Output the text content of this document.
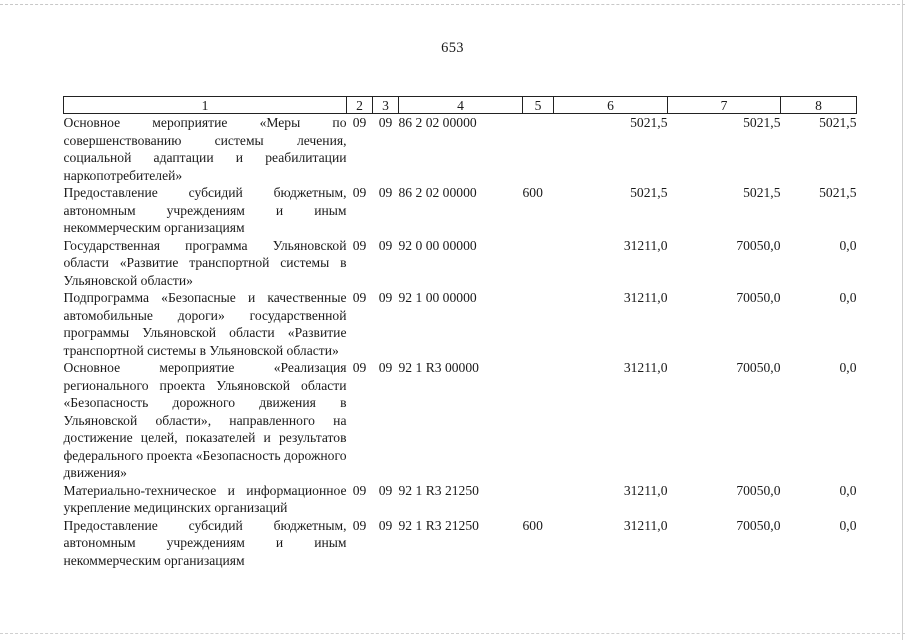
653
1	2	3	4	5	6	7	8
Основное мероприятие «Меры по совершенствованию системы лечения, социальной адаптации и реабилитации наркопотребителей»	09	09	86 2 02 00000		5021,5	5021,5	5021,5
Предоставление субсидий бюджетным, автономным учреждениям и иным некоммерческим организациям	09	09	86 2 02 00000	600	5021,5	5021,5	5021,5
Государственная программа Ульяновской области «Развитие транспортной системы в Ульяновской области»	09	09	92 0 00 00000		31211,0	70050,0	0,0
Подпрограмма «Безопасные и качественные автомобильные дороги» государственной программы Ульяновской области «Развитие транспортной системы в Ульяновской области»	09	09	92 1 00 00000		31211,0	70050,0	0,0
Основное мероприятие «Реализация регионального проекта Ульяновской области «Безопасность дорожного движения в Ульяновской области», направленного на достижение целей, показателей и результатов федерального проекта «Безопасность дорожного движения»	09	09	92 1 R3 00000		31211,0	70050,0	0,0
Материально-техническое и информационное укрепление медицинских организаций	09	09	92 1 R3 21250		31211,0	70050,0	0,0
Предоставление субсидий бюджетным, автономным учреждениям и иным некоммерческим организациям	09	09	92 1 R3 21250	600	31211,0	70050,0	0,0
